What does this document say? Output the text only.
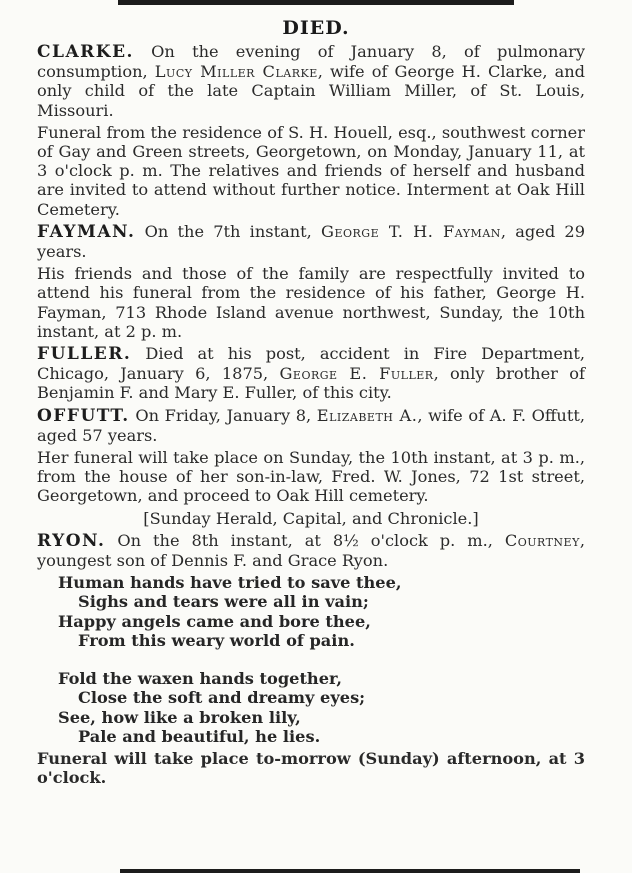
DIED.

CLARKE. On the evening of January 8, of pulmonary consumption, Lucy Miller Clarke, wife of George H. Clarke, and only child of the late Captain William Miller, of St. Louis, Missouri.

Funeral from the residence of S. H. Houell, esq., southwest corner of Gay and Green streets, Georgetown, on Monday, January 11, at 3 o'clock p. m. The relatives and friends of herself and husband are invited to attend without further notice. Interment at Oak Hill Cemetery.

FAYMAN. On the 7th instant, George T. H. Fayman, aged 29 years.

His friends and those of the family are respectfully invited to attend his funeral from the residence of his father, George H. Fayman, 713 Rhode Island avenue northwest, Sunday, the 10th instant, at 2 p. m.

FULLER. Died at his post, accident in Fire Department, Chicago, January 6, 1875, George E. Fuller, only brother of Benjamin F. and Mary E. Fuller, of this city.

OFFUTT. On Friday, January 8, Elizabeth A., wife of A. F. Offutt, aged 57 years.

Her funeral will take place on Sunday, the 10th instant, at 3 p. m., from the house of her son-in-law, Fred. W. Jones, 72 1st street, Georgetown, and proceed to Oak Hill cemetery.

[Sunday Herald, Capital, and Chronicle.]

RYON. On the 8th instant, at 8½ o'clock p. m., Courtney, youngest son of Dennis F. and Grace Ryon.

Human hands have tried to save thee,
Sighs and tears were all in vain;
Happy angels came and bore thee,
From this weary world of pain.
Fold the waxen hands together,
Close the soft and dreamy eyes;
See, how like a broken lily,
Pale and beautiful, he lies.

Funeral will take place to-morrow (Sunday) afternoon, at 3 o'clock.
